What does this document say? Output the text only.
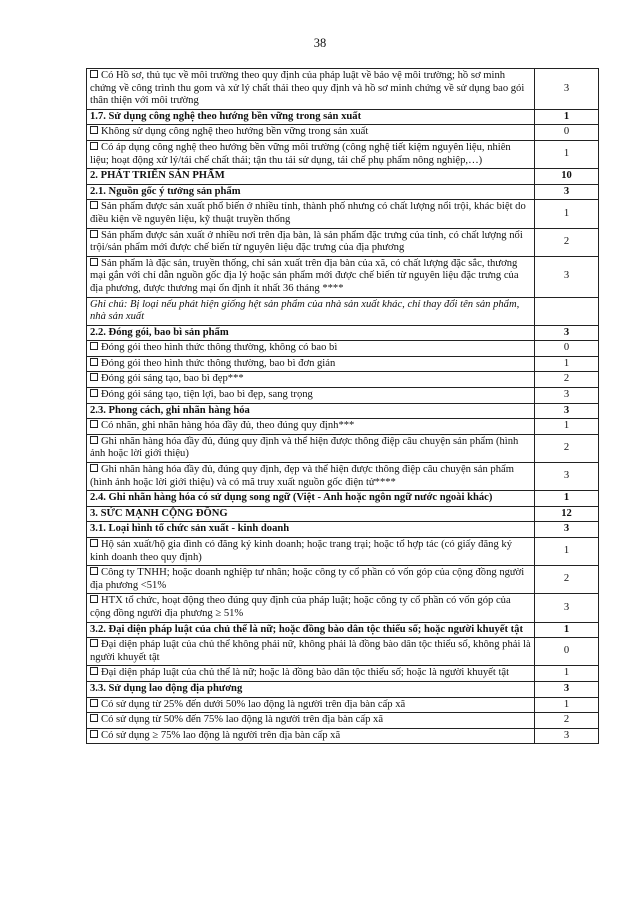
38
Có Hồ sơ, thủ tục về môi trường theo quy định của pháp luật về bảo vệ môi trường; hồ sơ minh chứng về công trình thu gom và xử lý chất thải theo quy định và hồ sơ minh chứng về sử dụng bao gói thân thiện với môi trường	3
1.7. Sử dụng công nghệ theo hướng bền vững trong sản xuất	1
Không sử dụng công nghệ theo hướng bền vững trong sản xuất	0
Có áp dụng công nghệ theo hướng bền vững môi trường (công nghệ tiết kiệm nguyên liệu, nhiên liệu; hoạt động xử lý/tái chế chất thải; tận thu tái sử dụng, tái chế phụ phẩm nông nghiệp,…)	1
2. PHÁT TRIỂN SẢN PHẨM	10
2.1. Nguồn gốc ý tưởng sản phẩm	3
Sản phẩm được sản xuất phổ biến ở nhiều tỉnh, thành phố nhưng có chất lượng nổi trội, khác biệt do điều kiện về nguyên liệu, kỹ thuật truyền thống	1
Sản phẩm được sản xuất ở nhiều nơi trên địa bàn, là sản phẩm đặc trưng của tỉnh, có chất lượng nổi trội/sản phẩm mới được chế biến từ nguyên liệu đặc trưng của địa phương	2
Sản phẩm là đặc sản, truyền thống, chỉ sản xuất trên địa bàn của xã, có chất lượng đặc sắc, thương mại gắn với chỉ dẫn nguồn gốc địa lý hoặc sản phẩm mới được chế biến từ nguyên liệu đặc trưng của địa phương, được thương mại ổn định ít nhất 36 tháng ****	3
Ghi chú: Bị loại nếu phát hiện giống hệt sản phẩm của nhà sản xuất khác, chỉ thay đổi tên sản phẩm, nhà sản xuất	
2.2. Đóng gói, bao bì sản phẩm	3
Đóng gói theo hình thức thông thường, không có bao bì	0
Đóng gói theo hình thức thông thường, bao bì đơn giản	1
Đóng gói sáng tạo, bao bì đẹp***	2
Đóng gói sáng tạo, tiện lợi, bao bì đẹp, sang trọng	3
2.3. Phong cách, ghi nhãn hàng hóa	3
Có nhãn, ghi nhãn hàng hóa đầy đủ, theo đúng quy định***	1
Ghi nhãn hàng hóa đầy đủ, đúng quy định và thể hiện được thông điệp câu chuyện sản phẩm (hình ảnh hoặc lời giới thiệu)	2
Ghi nhãn hàng hóa đầy đủ, đúng quy định, đẹp và thể hiện được thông điệp câu chuyện sản phẩm (hình ảnh hoặc lời giới thiệu) và có mã truy xuất nguồn gốc điện tử****	3
2.4. Ghi nhãn hàng hóa có sử dụng song ngữ (Việt - Anh hoặc ngôn ngữ nước ngoài khác)	1
3. SỨC MẠNH CỘNG ĐỒNG	12
3.1. Loại hình tổ chức sản xuất - kinh doanh	3
Hộ sản xuất/hộ gia đình có đăng ký kinh doanh; hoặc trang trại; hoặc tổ hợp tác (có giấy đăng ký kinh doanh theo quy định)	1
Công ty TNHH; hoặc doanh nghiệp tư nhân; hoặc công ty cổ phần có vốn góp của cộng đồng người địa phương <51%	2
HTX tổ chức, hoạt động theo đúng quy định của pháp luật; hoặc công ty cổ phần có vốn góp của cộng đồng người địa phương ≥ 51%	3
3.2. Đại diện pháp luật của chủ thể là nữ; hoặc đồng bào dân tộc thiểu số; hoặc người khuyết tật	1
Đại diện pháp luật của chủ thể không phải nữ, không phải là đồng bào dân tộc thiểu số, không phải là người khuyết tật	0
Đại diện pháp luật của chủ thể là nữ; hoặc là đồng bào dân tộc thiểu số; hoặc là người khuyết tật	1
3.3. Sử dụng lao động địa phương	3
Có sử dụng từ 25% đến dưới 50% lao động là người trên địa bàn cấp xã	1
Có sử dụng từ 50% đến 75% lao động là người trên địa bàn cấp xã	2
Có sử dụng ≥ 75% lao động là người trên địa bàn cấp xã	3
